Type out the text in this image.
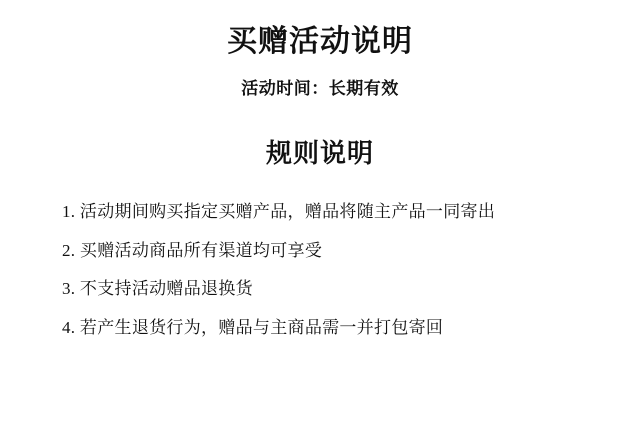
买赠活动说明
活动时间：长期有效
规则说明
1. 活动期间购买指定买赠产品，赠品将随主产品一同寄出
2. 买赠活动商品所有渠道均可享受
3. 不支持活动赠品退换货
4. 若产生退货行为，赠品与主商品需一并打包寄回
